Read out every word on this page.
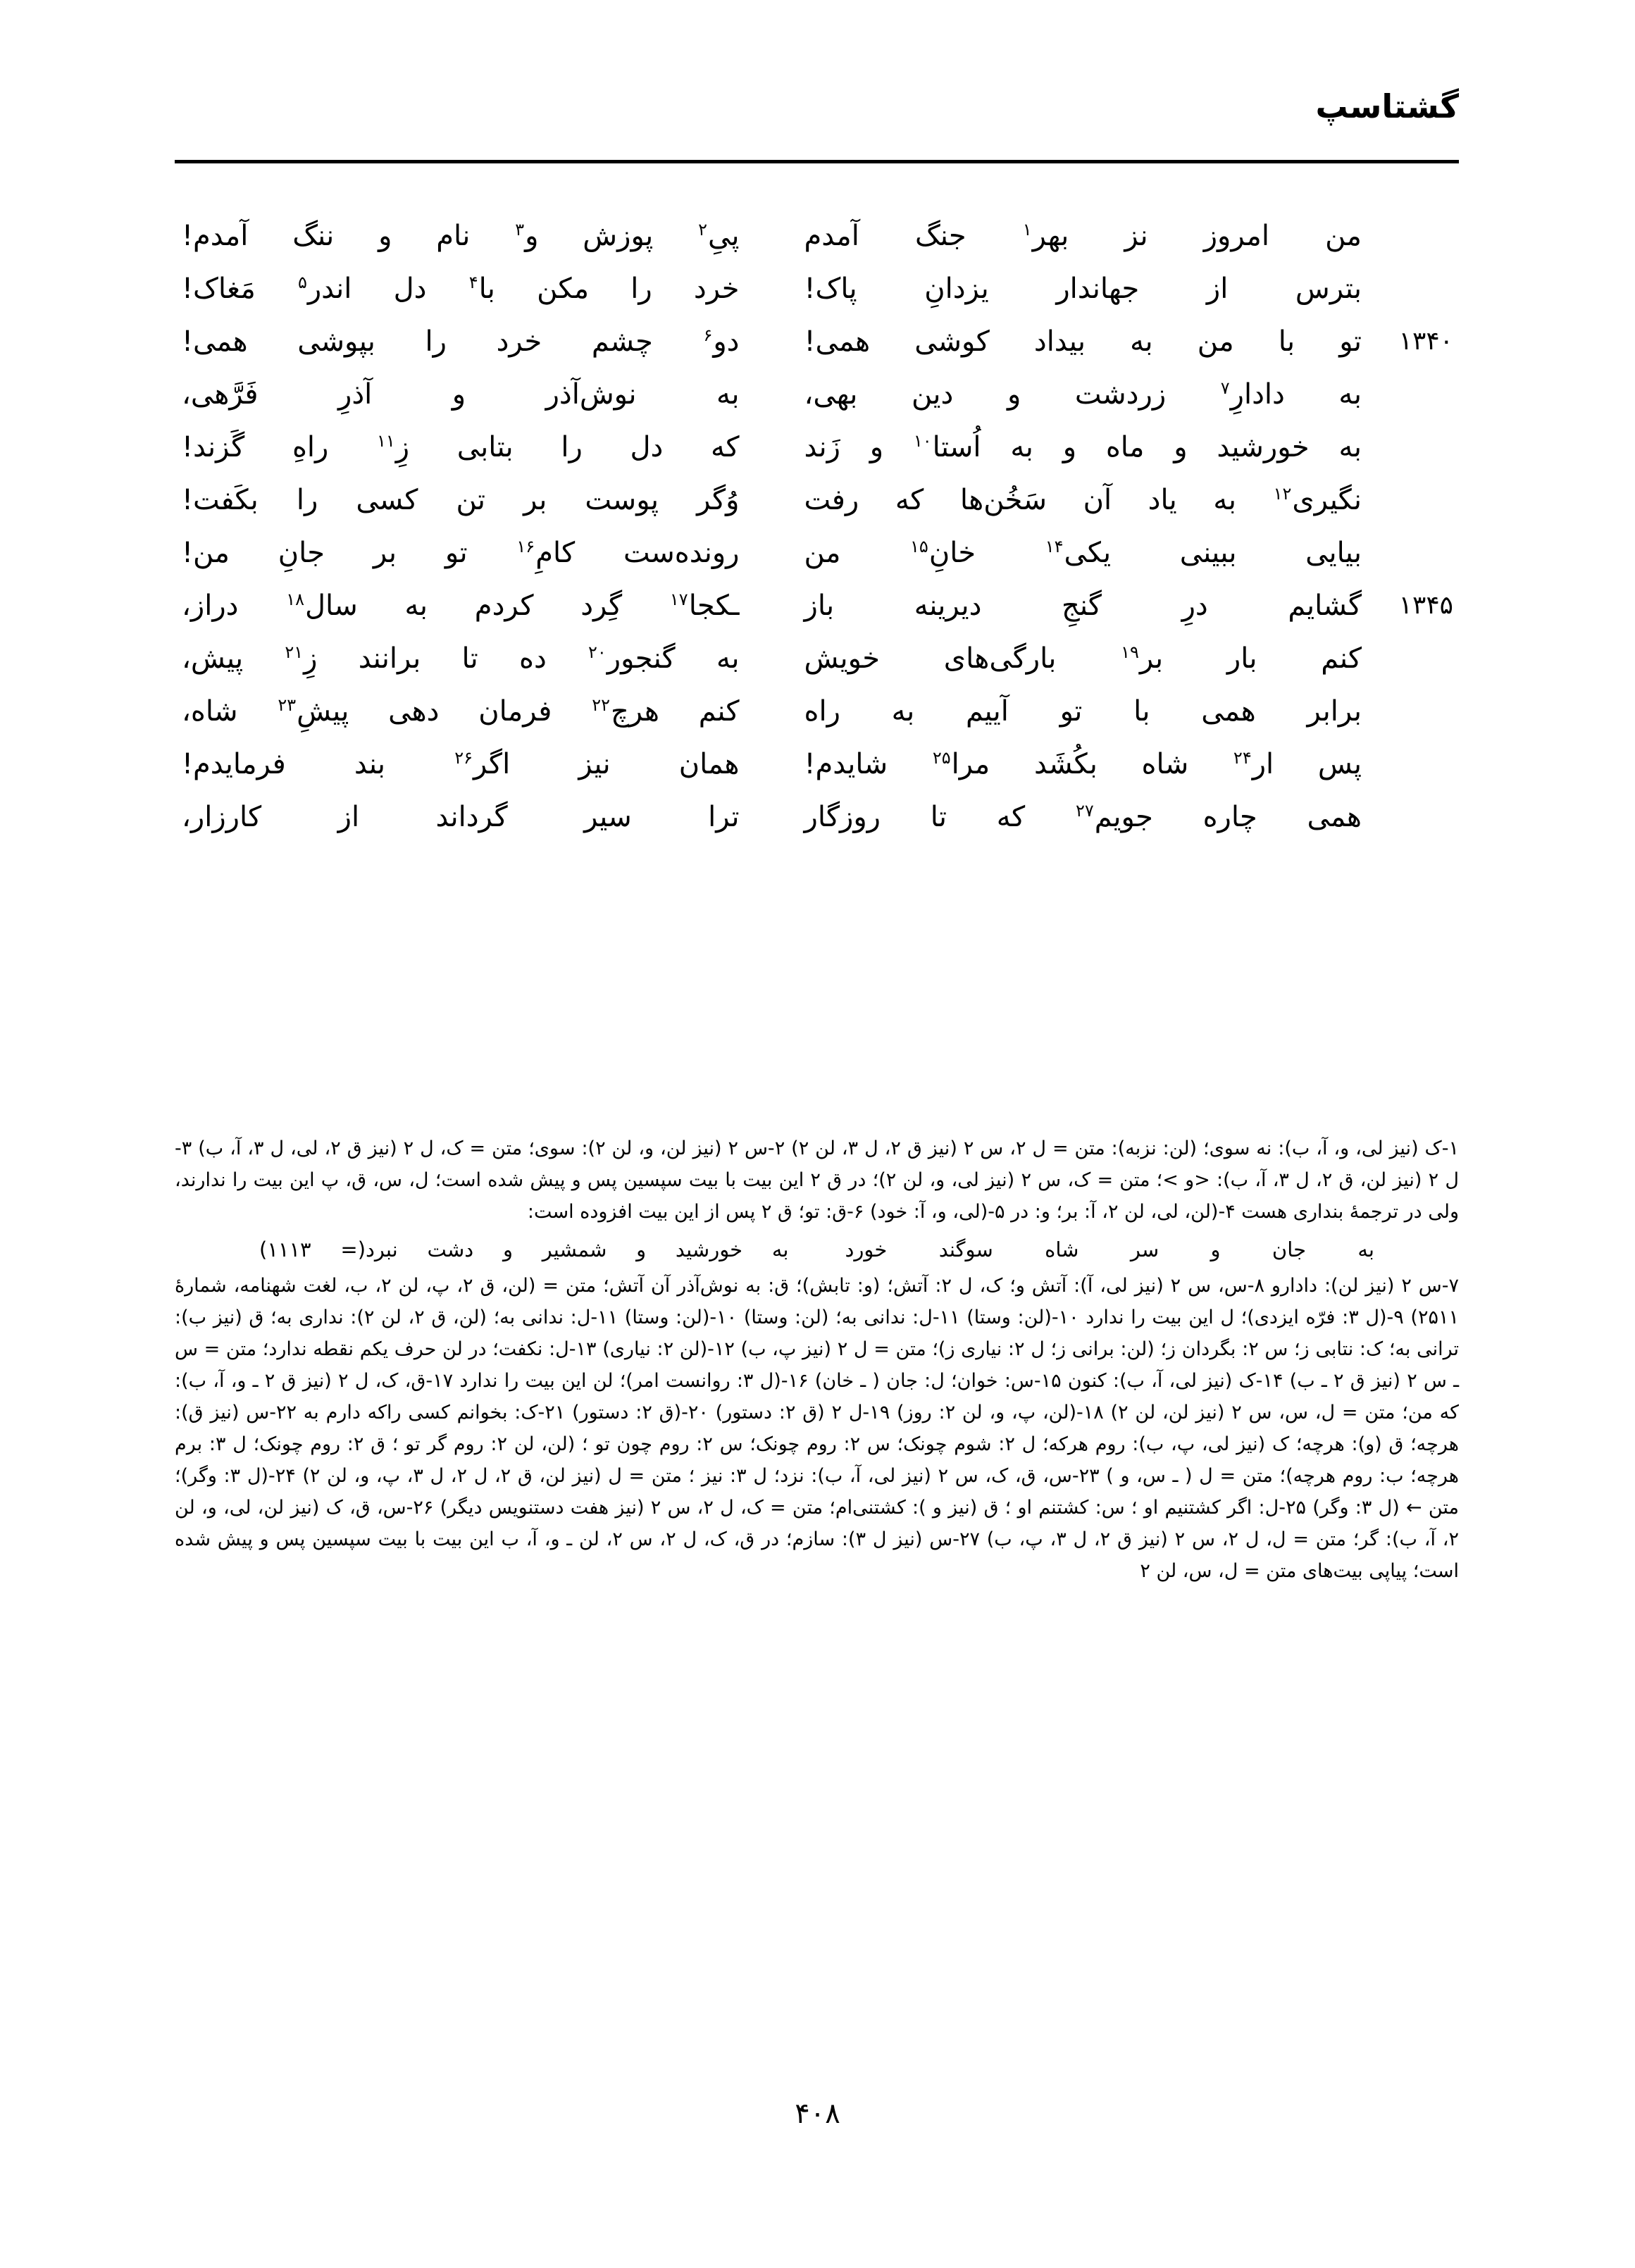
گشتاسپ
من امروز نز بهر$^۱$ جنگ آمدم
پیِ$^۲$ پوزش و$^۳$ نام و ننگ آمدم!
بترس از جهاندار یزدانِ پاک!
خرد را مکن با$^۴$ دل اندر$^۵$ مَغاک!
۱۳۴۰
تو با من به بیداد کوشی همی!
دو$^۶$ چشم خرد را بپوشی همی!
به دادارِ$^۷$ زردشت و دین بهی،
به نوش‌آذر و آذرِ فَرَّهی،
به خورشید و ماه و به اُستا$^{۱۰}$ و زَند
که دل را بتابی زِ$^{۱۱}$ راهِ گَزند!
نگیری$^{۱۲}$ به یاد آن سَخُن‌ها که رفت
وُگر پوست بر تن کسی را بکَفت!
بیایی ببینی یکی$^{۱۴}$ خانِ$^{۱۵}$ من
رونده‌ست کامِ$^{۱۶}$ تو بر جانِ من!
۱۳۴۵
گشایم درِ گنجِ دیرینه باز
ـکجا$^{۱۷}$ گِرد کردم به سال$^{۱۸}$ دراز،
کنم بار بر$^{۱۹}$ بارگی‌های خویش
به گنجور$^{۲۰}$ ده تا برانند زِ$^{۲۱}$ پیش،
برابر همی با تو آییم به راه
کنم هرچ$^{۲۲}$ فرمان دهی پیشِ$^{۲۳}$ شاه،
پس ار$^{۲۴}$ شاه بکُشَد مرا$^{۲۵}$ شایدم!
همان نیز اگر$^{۲۶}$ بند فرمایدم!
همی چاره جویم$^{۲۷}$ که تا روزگار
ترا سیر گرداند از کارزار،

۱-ک (نیز لی، و، آ، ب): نه سوی؛ (لن: نزبه): متن = ل ۲، س ۲ (نیز ق ۲، ل ۳، لن ۲) ۲-س ۲ (نیز لن، و، لن ۲): سوی؛ متن = ک، ل ۲ (نیز ق ۲، لی، ل ۳، آ، ب) ۳-ل ۲ (نیز لن، ق ۲، ل ۳، آ، ب): <و >؛ متن = ک، س ۲ (نیز لی، و، لن ۲)؛ در ق ۲ این بیت با بیت سپسین پس و پیش شده است؛ ل، س، ق، پ این بیت را ندارند، ولی در ترجمهٔ بنداری هست ۴-(لن، لی، لن ۲، آ: بر؛ و: در ۵-(لی، و، آ: خود) ۶-ق: تو؛ ق ۲ پس از این بیت افزوده است:

به جان و سر شاه سوگند خورد
به خورشید و شمشیر و دشت نبرد(= ۱۱۱۳)

۷-س ۲ (نیز لن): دادارو ۸-س، س ۲ (نیز لی، آ): آتش و؛ ک، ل ۲: آتش؛ (و: تابش)؛ ق: به نوش‌آذر آن آتش؛ متن = (لن، ق ۲، پ، لن ۲، ب، لغت شهنامه، شمارهٔ ۲۵۱۱) ۹-(ل ۳: فرّه ایزدی)؛ ل این بیت را ندارد ۱۰-(لن: وستا) ۱۱-ل: ندانی به؛ (لن: وستا) ۱۰-(لن: وستا) ۱۱-ل: ندانی به؛ (لن، ق ۲، لن ۲): نداری به؛ ق (نیز ب): ترانی به؛ ک: نتابی ز؛ س ۲: بگردان ز؛ (لن: برانی ز؛ ل ۲: نیاری ز)؛ متن = ل ۲ (نیز پ، ب) ۱۲-(لن ۲: نیاری) ۱۳-ل: نکفت؛ در لن حرف یکم نقطه ندارد؛ متن = س ـ س ۲ (نیز ق ۲ ـ ب) ۱۴-ک (نیز لی، آ، ب): کنون ۱۵-س: خوان؛ ل: جان ( ـ خان) ۱۶-(ل ۳: روانست امر)؛ لن این بیت را ندارد ۱۷-ق، ک، ل ۲ (نیز ق ۲ ـ و، آ، ب): که من؛ متن = ل، س، س ۲ (نیز لن، لن ۲) ۱۸-(لن، پ، و، لن ۲: روز) ۱۹-ل ۲ (ق ۲: دستور) ۲۰-(ق ۲: دستور) ۲۱-ک: بخوانم کسی راکه دارم به ۲۲-س (نیز ق): هرچه؛ ق (و): هرچه؛ ک (نیز لی، پ، ب): روم هرکه؛ ل ۲: شوم چونک؛ س ۲: روم چونک؛ س ۲: روم چون تو ؛ (لن، لن ۲: روم گر تو ؛ ق ۲: روم چونک؛ ل ۳: برم هرچه؛ ب: روم هرچه)؛ متن = ل ( ـ س، و ) ۲۳-س، ق، ک، س ۲ (نیز لی، آ، ب): نزد؛ ل ۳: نیز ؛ متن = ل (نیز لن، ق ۲، ل ۲، ل ۳، پ، و، لن ۲) ۲۴-(ل ۳: وگر)؛ متن ← (ل ۳: وگر) ۲۵-ل: اگر کشتنیم او ؛ س: کشتنم او ؛ ق (نیز و ): کشتنی‌ام؛ متن = ک، ل ۲، س ۲ (نیز هفت دستنویس دیگر) ۲۶-س، ق، ک (نیز لن، لی، و، لن ۲، آ، ب): گر؛ متن = ل، ل ۲، س ۲ (نیز ق ۲، ل ۳، پ، ب) ۲۷-س (نیز ل ۳): سازم؛ در ق، ک، ل ۲، س ۲، لن ـ و، آ، ب این بیت با بیت سپسین پس و پیش شده است؛ پیاپی بیت‌های متن = ل، س، لن ۲

۴۰۸
